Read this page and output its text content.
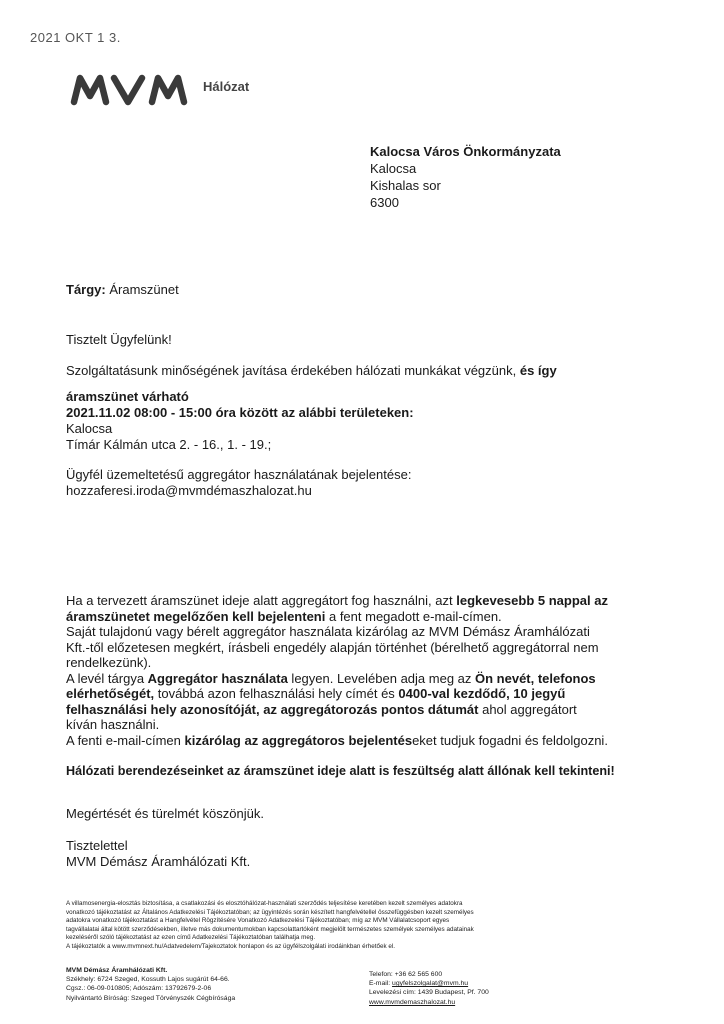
2021 OKT 1 3.
Hálózat
Kalocsa Város Önkormányzata
Kalocsa
Kishalas sor
6300
Tárgy: Áramszünet
Tisztelt Ügyfelünk!
Szolgáltatásunk minőségének javítása érdekében hálózati munkákat végzünk, és így
áramszünet várható
2021.11.02 08:00 - 15:00 óra között az alábbi területeken:
Kalocsa
Tímár Kálmán utca 2. - 16., 1. - 19.;
Ügyfél üzemeltetésű aggregátor használatának bejelentése:
hozzaferesi.iroda@mvmdémaszhalozat.hu
Ha a tervezett áramszünet ideje alatt aggregátort fog használni, azt legkevesebb 5 nappal az
áramszünetet megelőzően kell bejelenteni a fent megadott e-mail-címen.
Saját tulajdonú vagy bérelt aggregátor használata kizárólag az MVM Démász Áramhálózati
Kft.-től előzetesen megkért, írásbeli engedély alapján történhet (bérelhető aggregátorral nem
rendelkezünk).
A levél tárgya Aggregátor használata legyen. Levelében adja meg az Ön nevét, telefonos
elérhetőségét, továbbá azon felhasználási hely címét és 0400-val kezdődő, 10 jegyű
felhasználási hely azonosítóját, az aggregátorozás pontos dátumát ahol aggregátort
kíván használni.
A fenti e-mail-címen kizárólag az aggregátoros bejelentéseket tudjuk fogadni és feldolgozni.
Hálózati berendezéseinket az áramszünet ideje alatt is feszültség alatt állónak kell tekinteni!
Megértését és türelmét köszönjük.
Tisztelettel
MVM Démász Áramhálózati Kft.
A villamosenergia-elosztás biztosítása, a csatlakozási és elosztóhálózat-használati szerződés teljesítése keretében kezelt személyes adatokra
vonatkozó tájékoztatást az Általános Adatkezelési Tájékoztatóban; az ügyintézés során készített hangfelvétellel összefüggésben kezelt személyes
adatokra vonatkozó tájékoztatást a Hangfelvétel Rögzítésére Vonatkozó Adatkezelési Tájékoztatóban; míg az MVM Vállalatcsoport egyes
tagvállalatai által kötött szerződésekben, illetve más dokumentumokban kapcsolattartóként megjelölt természetes személyek személyes adatainak
kezeléséről szóló tájékoztatást az ezen című Adatkezelési Tájékoztatóban találhatja meg.
A tájékoztatók a www.mvmnext.hu/Adatvedelem/Tajekoztatok honlapon és az ügyfélszolgálati irodáinkban érhetőek el.
MVM Démász Áramhálózati Kft.
Székhely: 6724 Szeged, Kossuth Lajos sugárút 64-66.
Cgsz.: 06-09-010805; Adószám: 13792679-2-06
Nyilvántartó Bíróság: Szeged Törvényszék Cégbírósága
Telefon: +36 62 565 600
E-mail: ugyfelszolgalat@mvm.hu
Levelezési cím: 1439 Budapest, Pf. 700
www.mvmdemaszhalozat.hu
